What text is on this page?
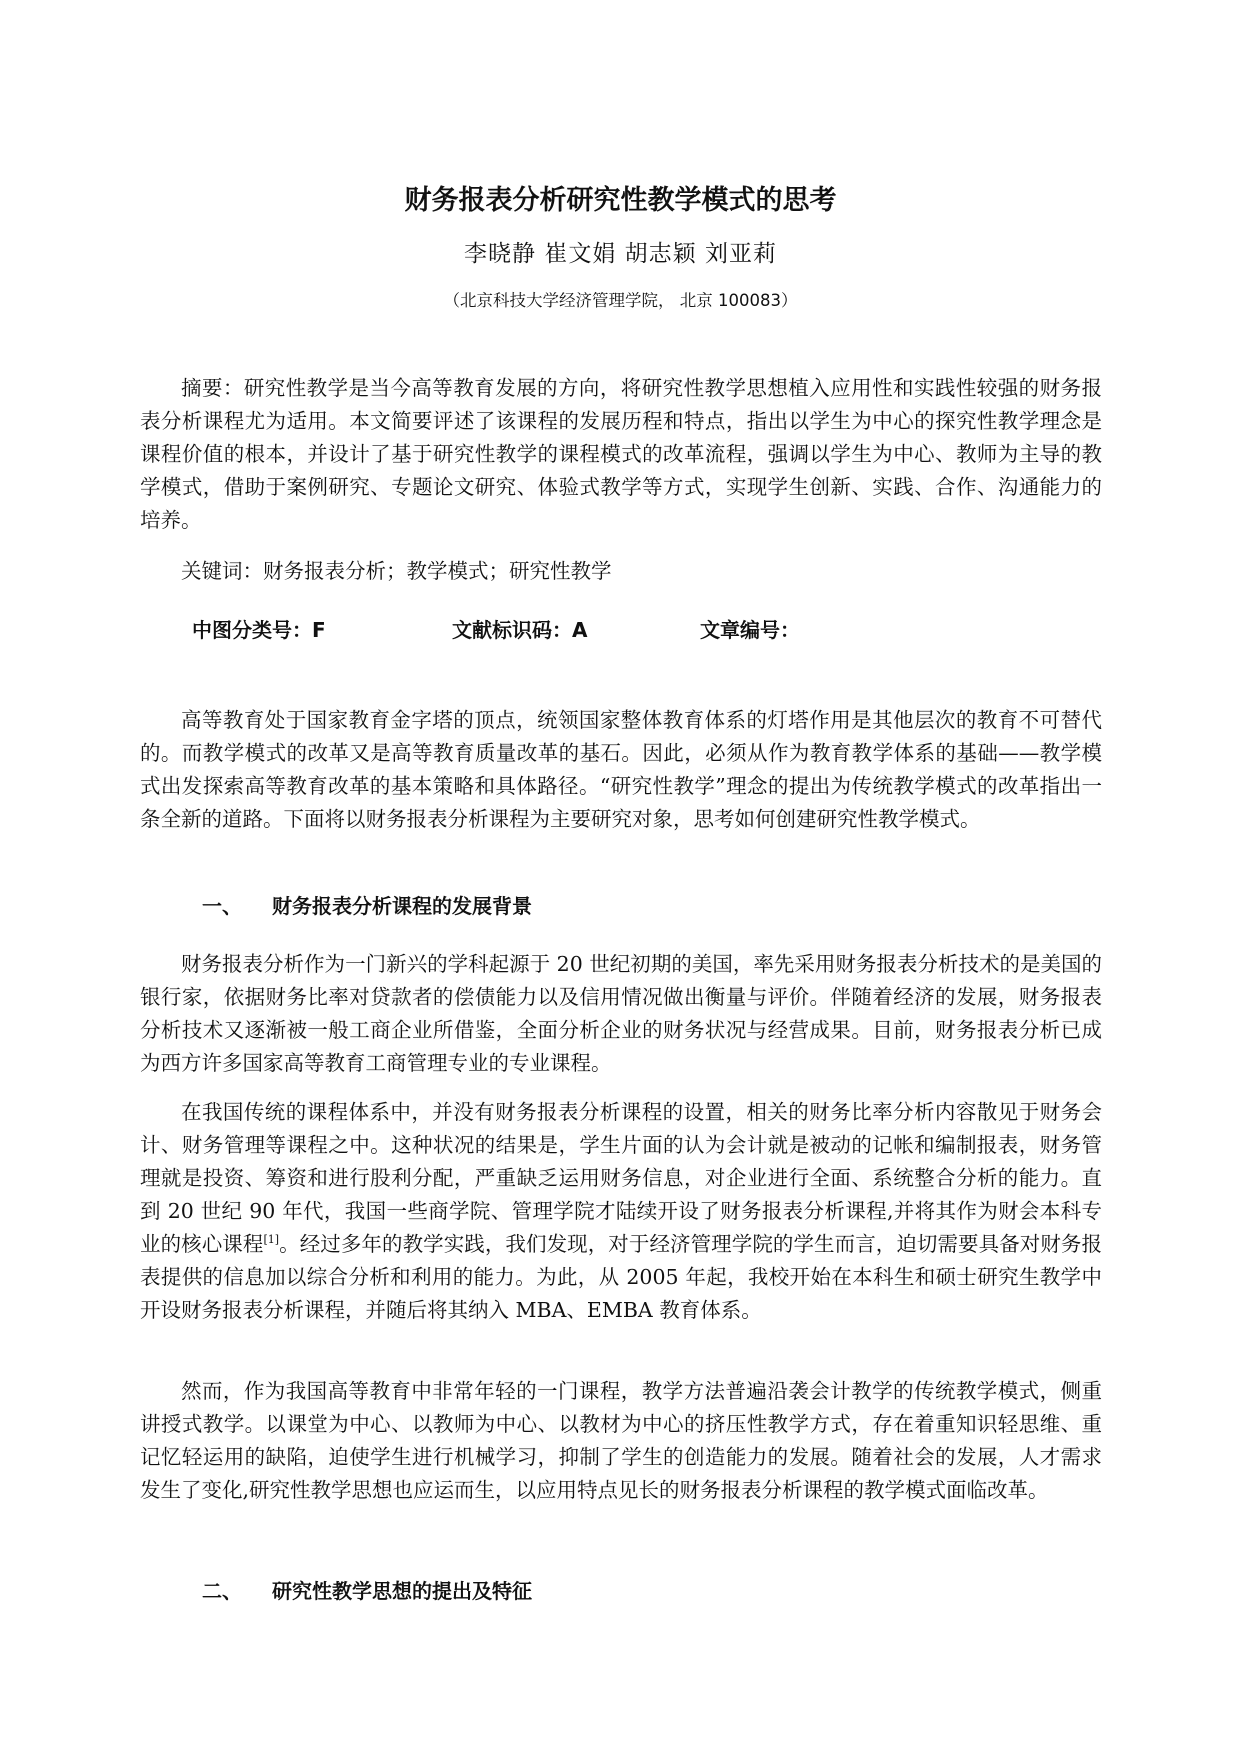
财务报表分析研究性教学模式的思考
李晓静 崔文娟 胡志颖 刘亚莉
（北京科技大学经济管理学院， 北京 100083）

摘要：研究性教学是当今高等教育发展的方向，将研究性教学思想植入应用性和实践性较强的财务报表分析课程尤为适用。本文简要评述了该课程的发展历程和特点，指出以学生为中心的探究性教学理念是课程价值的根本，并设计了基于研究性教学的课程模式的改革流程，强调以学生为中心、教师为主导的教学模式，借助于案例研究、专题论文研究、体验式教学等方式，实现学生创新、实践、合作、沟通能力的培养。

关键词：财务报表分析；教学模式；研究性教学

中图分类号：F	文献标识码：A	文章编号：

高等教育处于国家教育金字塔的顶点，统领国家整体教育体系的灯塔作用是其他层次的教育不可替代的。而教学模式的改革又是高等教育质量改革的基石。因此，必须从作为教育教学体系的基础——教学模式出发探索高等教育改革的基本策略和具体路径。“研究性教学”理念的提出为传统教学模式的改革指出一条全新的道路。下面将以财务报表分析课程为主要研究对象，思考如何创建研究性教学模式。

一、 财务报表分析课程的发展背景

财务报表分析作为一门新兴的学科起源于 20 世纪初期的美国，率先采用财务报表分析技术的是美国的银行家，依据财务比率对贷款者的偿债能力以及信用情况做出衡量与评价。伴随着经济的发展，财务报表分析技术又逐渐被一般工商企业所借鉴，全面分析企业的财务状况与经营成果。目前，财务报表分析已成为西方许多国家高等教育工商管理专业的专业课程。

在我国传统的课程体系中，并没有财务报表分析课程的设置，相关的财务比率分析内容散见于财务会计、财务管理等课程之中。这种状况的结果是，学生片面的认为会计就是被动的记帐和编制报表，财务管理就是投资、筹资和进行股利分配，严重缺乏运用财务信息，对企业进行全面、系统整合分析的能力。直到 20 世纪 90 年代，我国一些商学院、管理学院才陆续开设了财务报表分析课程,并将其作为财会本科专业的核心课程[1]。经过多年的教学实践，我们发现，对于经济管理学院的学生而言，迫切需要具备对财务报表提供的信息加以综合分析和利用的能力。为此，从 2005 年起，我校开始在本科生和硕士研究生教学中开设财务报表分析课程，并随后将其纳入 MBA、EMBA 教育体系。

然而，作为我国高等教育中非常年轻的一门课程，教学方法普遍沿袭会计教学的传统教学模式，侧重讲授式教学。以课堂为中心、以教师为中心、以教材为中心的挤压性教学方式，存在着重知识轻思维、重记忆轻运用的缺陷，迫使学生进行机械学习，抑制了学生的创造能力的发展。随着社会的发展，人才需求发生了变化,研究性教学思想也应运而生，以应用特点见长的财务报表分析课程的教学模式面临改革。

二、 研究性教学思想的提出及特征
